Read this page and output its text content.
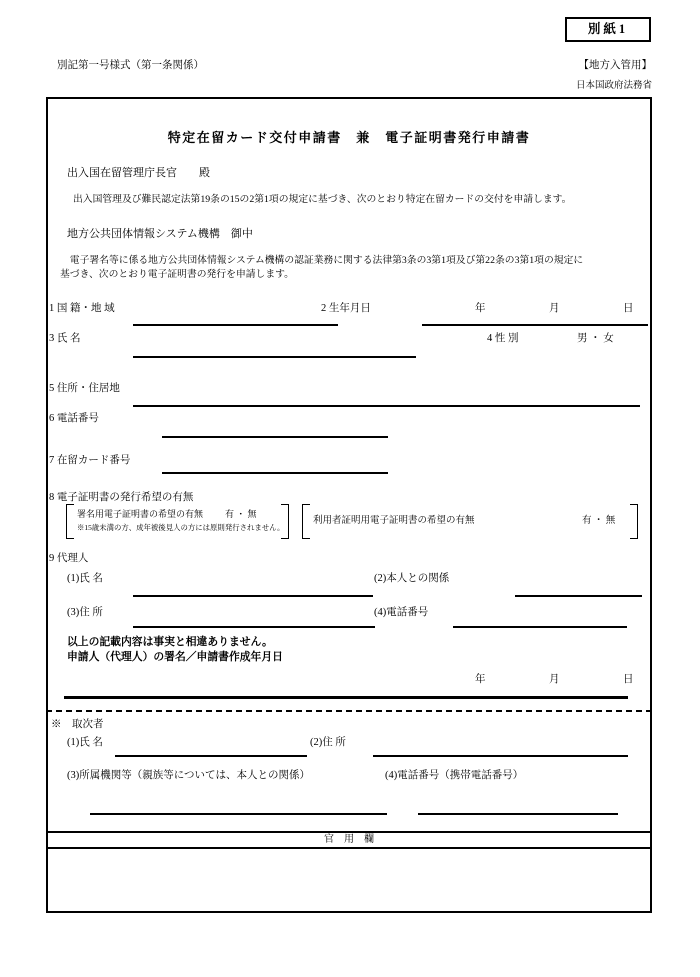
別紙1
別記第一号様式（第一条関係）	【地方入管用】
日本国政府法務省
特定在留カード交付申請書　兼　電子証明書発行申請書
出入国在留管理庁長官　　殿
出入国管理及び難民認定法第19条の15の2第1項の規定に基づき、次のとおり特定在留カードの交付を申請します。
地方公共団体情報システム機構　御中
　電子署名等に係る地方公共団体情報システム機構の認証業務に関する法律第3条の3第1項及び第22条の3第1項の規定に
基づき、次のとおり電子証明書の発行を申請します。
1 国 籍・地 域	2 生年月日	年	月	日
3 氏 名	4 性 別	男 ・ 女
5 住所・住居地
6 電話番号
7 在留カード番号
8 電子証明書の発行希望の有無
署名用電子証明書の希望の有無 有 ・ 無
※15歳未満の方、成年被後見人の方には原則発行されません。
利用者証明用電子証明書の希望の有無	有 ・ 無
9 代理人
(1)氏 名	(2)本人との関係
(3)住 所	(4)電話番号
以上の記載内容は事実と相違ありません。
申請人（代理人）の署名／申請書作成年月日
年	月	日
※　取次者
(1)氏 名	(2)住 所
(3)所属機関等（親族等については、本人との関係）	(4)電話番号（携帯電話番号）
官　用　欄
